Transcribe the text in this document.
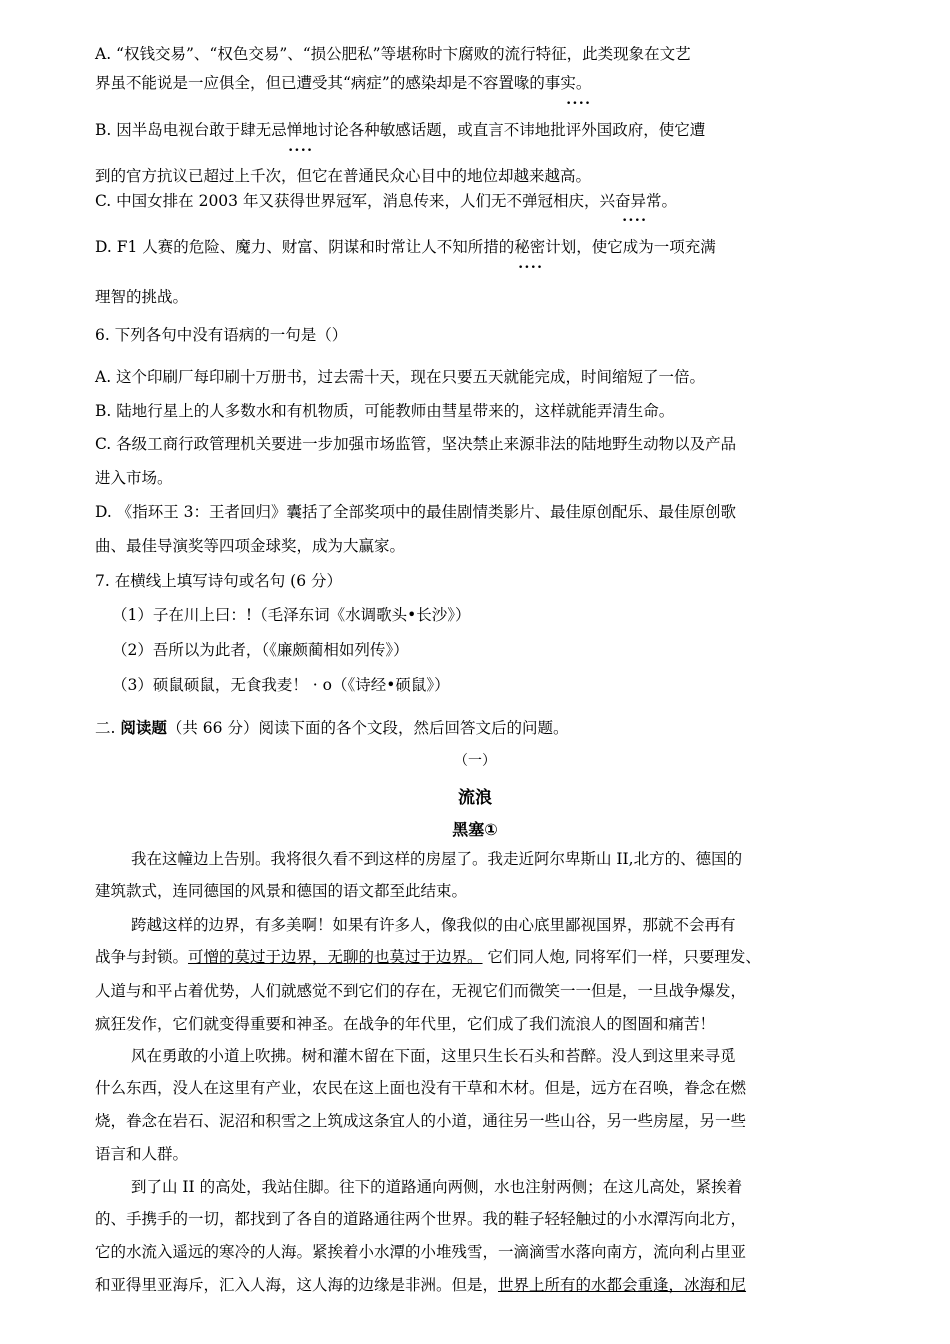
A. “权钱交易”、“权色交易”、“损公肥私”等堪称时卞腐败的流行特征，此类现象在文艺
界虽不能说是一应俱全，但已遭受其“病症”的感染却是不容置喙的事实。
••••
B. 因半岛电视台敢于肆无忌惮地讨论各种敏感话题，或直言不讳地批评外国政府，使它遭
••••
到的官方抗议已超过上千次，但它在普通民众心目中的地位却越来越高。
C. 中国女排在 2003 年又获得世界冠军，消息传来，人们无不弹冠相庆，兴奋异常。
••••
D. F1 人赛的危险、魔力、财富、阴谋和时常让人不知所措的秘密计划，使它成为一项充满
••••
理智的挑战。
6. 下列各句中没有语病的一句是（）
A. 这个印刷厂每印刷十万册书，过去需十天，现在只要五天就能完成，时间缩短了一倍。
B. 陆地行星上的人多数水和有机物质，可能教师由彗星带来的，这样就能弄清生命。
C. 各级工商行政管理机关要进一步加强市场监管，坚决禁止来源非法的陆地野生动物以及产品
进入市场。
D. 《指环王 3：王者回归》囊括了全部奖项中的最佳剧情类影片、最佳原创配乐、最佳原创歌
曲、最佳导演奖等四项金球奖，成为大赢家。
7. 在横线上填写诗句或名句 (6 分）
（1）子在川上曰：!（毛泽东词《水调歌头•长沙》）
（2）吾所以为此者，（《廉颇蔺相如列传》）
（3）硕鼠硕鼠，无食我麦！ · o（《诗经•硕鼠》）
二. 阅读题（共 66 分）阅读下面的各个文段，然后回答文后的问题。
（一）
流浪
黑塞①
我在这幢边上告别。我将很久看不到这样的房屋了。我走近阿尔卑斯山 II,北方的、德国的
建筑款式，连同德国的风景和德国的语文都至此结束。
跨越这样的边界，有多美啊！如果有许多人，像我似的由心底里鄙视国界，那就不会再有
战争与封锁。可憎的莫过于边界，无聊的也莫过于边界。 它们同人炮, 同将军们一样，只要理发、
人道与和平占着优势，人们就感觉不到它们的存在，无视它们而微笑一一但是，一旦战争爆发，
疯狂发作，它们就变得重要和神圣。在战争的年代里，它们成了我们流浪人的图圄和痛苦！
风在勇敢的小道上吹拂。树和灌木留在下面，这里只生长石头和苔醉。没人到这里来寻觅
什么东西，没人在这里有产业，农民在这上面也没有干草和木材。但是，远方在召唤，眷念在燃
烧，眷念在岩石、泥沼和积雪之上筑成这条宜人的小道，通往另一些山谷，另一些房屋，另一些
语言和人群。
到了山 II 的高处，我站住脚。往下的道路通向两侧，水也注射两侧；在这儿高处，紧挨着
的、手携手的一切，都找到了各自的道路通往两个世界。我的鞋子轻轻触过的小水潭泻向北方，
它的水流入遥远的寒冷的人海。紧挨着小水潭的小堆残雪，一滴滴雪水落向南方，流向利占里亚
和亚得里亚海斥，汇入人海，这人海的边缘是非洲。但是，世界上所有的水都会重逢，冰海和尼
